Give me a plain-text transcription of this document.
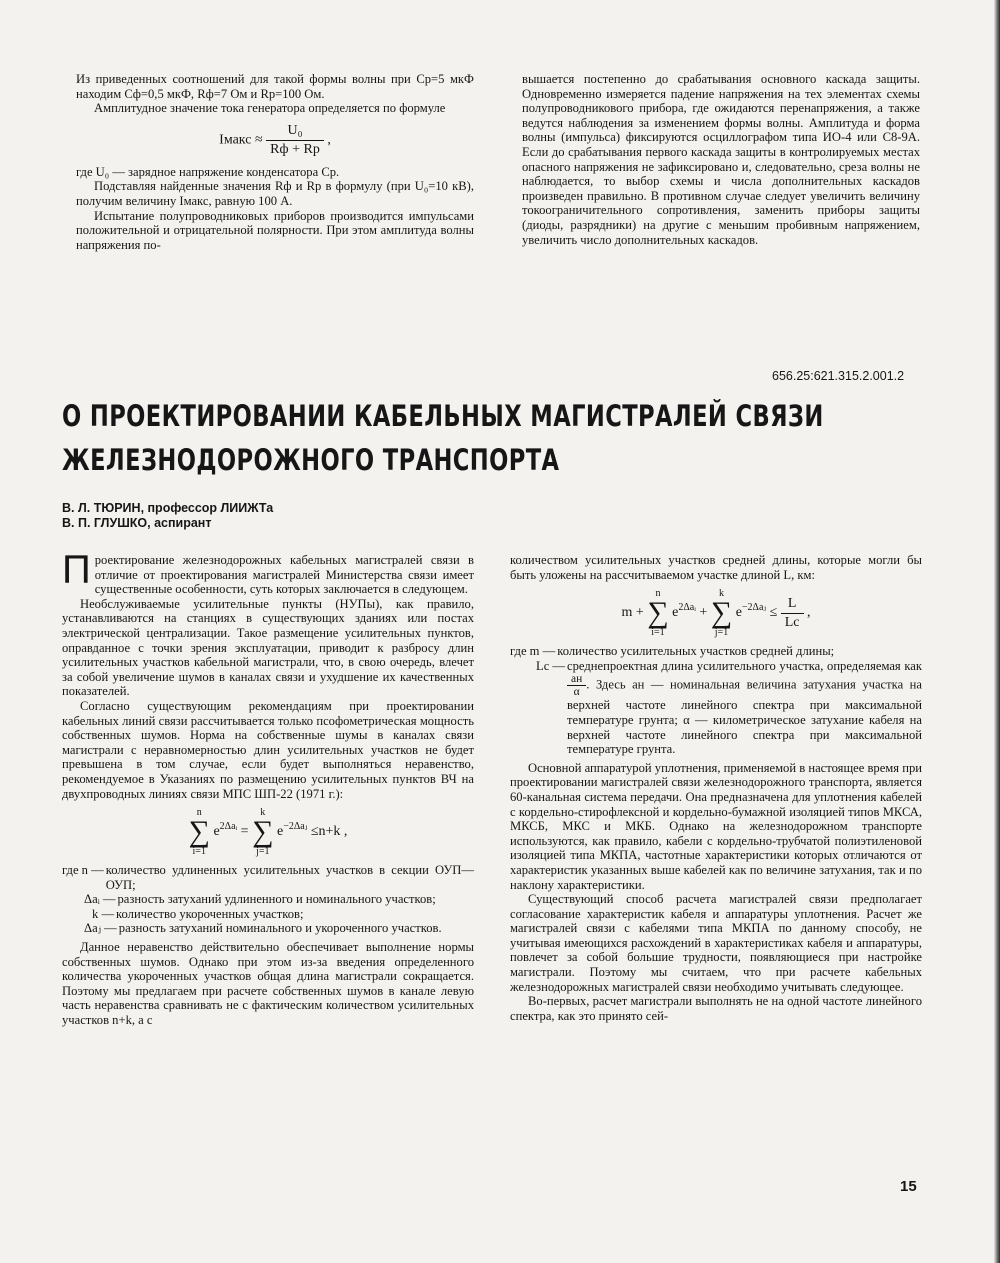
Из приведенных соотношений для такой формы волны при Cр=5 мкФ находим Cф=0,5 мкФ, Rф=7 Ом и Rр=100 Ом.

Амплитудное значение тока генератора определяется по формуле

Iмакс ≈ $\frac{\text{U₀}}{Rф + Rр}$ ,

где U₀ — зарядное напряжение конденсатора Cр.

Подставляя найденные значения Rф и Rр в формулу (при U₀=10 кВ), получим величину Iмакс, равную 100 А.

Испытание полупроводниковых приборов производится импульсами положительной и отрицательной полярности. При этом амплитуда волны напряжения по-

вышается постепенно до срабатывания основного каскада защиты. Одновременно измеряется падение напряжения на тех элементах схемы полупроводникового прибора, где ожидаются перенапряжения, а также ведутся наблюдения за изменением формы волны. Амплитуда и форма волны (импульса) фиксируются осциллографом типа ИО-4 или С8-9А. Если до срабатывания первого каскада защиты в контролируемых местах опасного напряжения не зафиксировано и, следовательно, среза волны не наблюдается, то выбор схемы и числа дополнительных каскадов произведен правильно. В противном случае следует увеличить величину токоограничительного сопротивления, заменить приборы защиты (диоды, разрядники) на другие с меньшим пробивным напряжением, увеличить число дополнительных каскадов.

656.25:621.315.2.001.2
О ПРОЕКТИРОВАНИИ КАБЕЛЬНЫХ МАГИСТРАЛЕЙ СВЯЗИ
ЖЕЛЕЗНОДОРОЖНОГО ТРАНСПОРТА
В. Л. ТЮРИН, профессор ЛИИЖТа
В. П. ГЛУШКО, аспирант

Проектирование железнодорожных кабельных магистралей связи в отличие от проектирования магистралей Министерства связи имеет существенные особенности, суть которых заключается в следующем.

Необслуживаемые усилительные пункты (НУПы), как правило, устанавливаются на станциях в существующих зданиях или постах электрической централизации. Такое размещение усилительных пунктов, оправданное с точки зрения эксплуатации, приводит к разбросу длин усилительных участков кабельной магистрали, что, в свою очередь, влечет за собой увеличение шумов в каналах связи и ухудшение их качественных показателей.

Согласно существующим рекомендациям при проектировании кабельных линий связи рассчитывается только псофометрическая мощность собственных шумов. Норма на собственные шумы в каналах связи магистрали с неравномерностью длин усилительных участков не будет превышена в том случае, если будет выполняться неравенство, рекомендуемое в Указаниях по размещению усилительных пунктов ВЧ на двухпроводных линиях связи МПС ШП-22 (1971 г.):

n
∑
i=1 $e^{2\Delta aᵢ} = k$
∑
j=1 $e^{-2\Delta aⱼ} \le n+k$ ,
где n — количество удлиненных усилительных участков в секции ОУП—ОУП;
Δaᵢ — разность затуханий удлиненного и номинального участков;
k — количество укороченных участков;
Δaⱼ — разность затуханий номинального и укороченного участков.

Данное неравенство действительно обеспечивает выполнение нормы собственных шумов. Однако при этом из-за введения определенного количества укороченных участков общая длина магистрали сокращается. Поэтому мы предлагаем при расчете собственных шумов в канале левую часть неравенства сравнивать не с фактическим количеством усилительных участков n+k, а с

количеством усилительных участков средней длины, которые могли бы быть уложены на рассчитываемом участке длиной L, км:

m + n
∑
i=1 $e^{2\Delta aᵢ} + k$
∑
j=1 $e^{-2\Delta aⱼ} \le \frac{L}{Lc}$ ,
где m — количество усилительных участков средней длины;
Lc — среднепроектная длина усилительного участка, определяемая как
$\frac{aн}{\alpha}$ . Здесь aн — номинальная величина затухания участка на верхней частоте линейного спектра при максимальной температуре грунта; α — километрическое затухание кабеля на верхней частоте линейного спектра при максимальной температуре грунта.

Основной аппаратурой уплотнения, применяемой в настоящее время при проектировании магистралей связи железнодорожного транспорта, является 60-канальная система передачи. Она предназначена для уплотнения кабелей с кордельно-стирофлексной и кордельно-бумажной изоляцией типов МКСА, МКСБ, МКС и МКБ. Однако на железнодорожном транспорте используются, как правило, кабели с кордельно-трубчатой полиэтиленовой изоляцией типа МКПА, частотные характеристики которых отличаются от характеристик указанных выше кабелей как по величине затухания, так и по наклону характеристики.

Существующий способ расчета магистралей связи предполагает согласование характеристик кабеля и аппаратуры уплотнения. Расчет же магистралей связи с кабелями типа МКПА по данному способу, не учитывая имеющихся расхождений в характеристиках кабеля и аппаратуры, повлечет за собой большие трудности, появляющиеся при настройке магистрали. Поэтому мы считаем, что при расчете кабельных железнодорожных магистралей связи необходимо учитывать следующее.

Во-первых, расчет магистрали выполнять не на одной частоте линейного спектра, как это принято сей-

15
